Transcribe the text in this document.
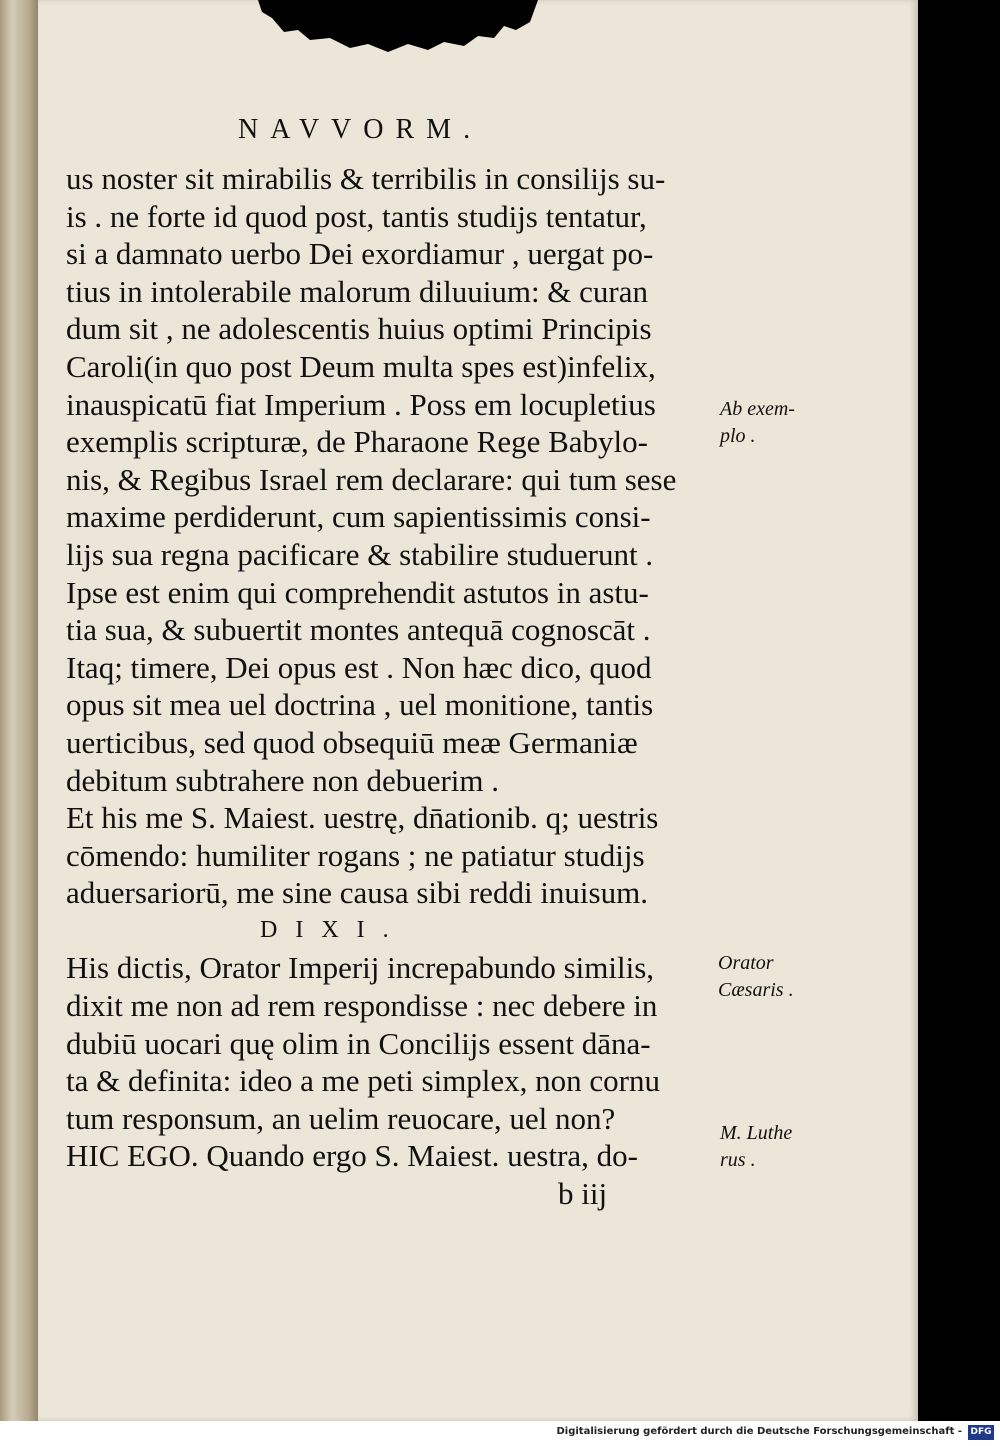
NAVVORM.
us noster sit mirabilis & terribilis in consilijs su-
is . ne forte id quod post, tantis studijs tentatur,
si a damnato uerbo Dei exordiamur , uergat po-
tius in intolerabile malorum diluuium: & curan
dum sit , ne adolescentis huius optimi Principis
Caroli(in quo post Deum multa spes est)infelix,
inauspicatū fiat Imperium . Poss em locupletius
exemplis scripturæ, de Pharaone Rege Babylo-
nis, & Regibus Israel rem declarare: qui tum sese
maxime perdiderunt, cum sapientissimis consi-
lijs sua regna pacificare & stabilire studuerunt .
Ipse est enim qui comprehendit astutos in astu-
tia sua, & subuertit montes antequā cognoscāt .
Itaq; timere, Dei opus est . Non hæc dico, quod
opus sit mea uel doctrina , uel monitione, tantis
uerticibus, sed quod obsequiū meæ Germaniæ
debitum subtrahere non debuerim .
Et his me S. Maiest. uestrę, dn̄ationib. q; uestris
cōmendo: humiliter rogans ; ne patiatur studijs
aduersariorū, me sine causa sibi reddi inuisum.
DIXI.
His dictis, Orator Imperij increpabundo similis,
dixit me non ad rem respondisse : nec debere in
dubiū uocari quę olim in Concilijs essent dānа-
ta & definita: ideo a me peti simplex, non cornu
tum responsum, an uelim reuocare, uel non?
HIC EGO. Quando ergo S. Maiest. uestra, do-
b iij
Ab exem-
plo .
Orator
Cæsaris .
M. Luthe
rus .
Digitalisierung gefördert durch die Deutsche Forschungsgemeinschaft - DFG
